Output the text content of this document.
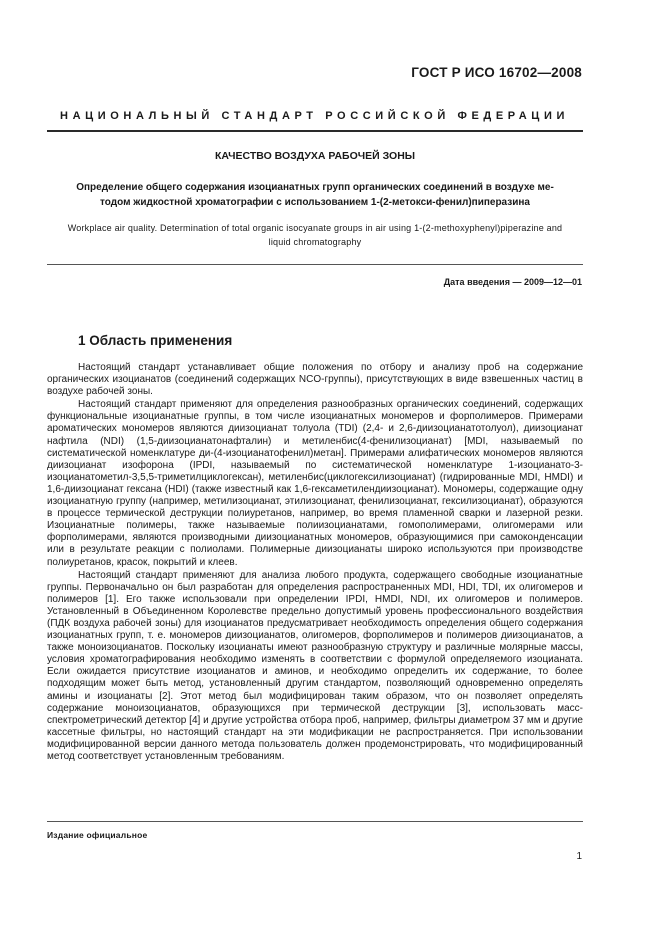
ГОСТ Р ИСО 16702—2008
НАЦИОНАЛЬНЫЙ СТАНДАРТ РОССИЙСКОЙ ФЕДЕРАЦИИ
КАЧЕСТВО ВОЗДУХА РАБОЧЕЙ ЗОНЫ
Определение общего содержания изоцианатных групп органических соединений в воздухе ме-
тодом жидкостной хроматографии с использованием 1-(2-метокси-фенил)пиперазина
Workplace air quality. Determination of total organic isocyanate groups in air using 1-(2-methoxyphenyl)piperazine and
liquid chromatography
Дата введения — 2009—12—01
1 Область применения

Настоящий стандарт устанавливает общие положения по отбору и анализу проб на содержание органических изоцианатов (соединений содержащих NCO-группы), присутствующих в виде взвешенных частиц в воздухе рабочей зоны.

Настоящий стандарт применяют для определения разнообразных органических соединений, содержащих функциональные изоцианатные группы, в том числе изоцианатных мономеров и форполимеров. Примерами ароматических мономеров являются диизоцианат толуола (TDI) (2,4- и 2,6-диизоцианатотолуол), диизоцианат нафтила (NDI) (1,5-диизоцианатонафталин) и метиленбис(4-фенилизоцианат) [MDI, называемый по систематической номенклатуре ди-(4-изоцианатофенил)метан]. Примерами алифатических мономеров являются диизоцианат изофорона (IPDI, называемый по систематической номенклатуре 1-изоцианато-3-изоцианатометил-3,5,5-триметилциклогексан), метиленбис(циклогексилизоцианат) (гидрированные MDI, HMDI) и 1,6-диизоцианат гексана (HDI) (также известный как 1,6-гексаметилендиизоцианат). Мономеры, содержащие одну изоцианатную группу (например, метилизоцианат, этилизоцианат, фенилизоцианат, гексилизоцианат), образуются в процессе термической деструкции полиуретанов, например, во время пламенной сварки и лазерной резки. Изоцианатные полимеры, также называемые полиизоцианатами, гомополимерами, олигомерами или форполимерами, являются производными диизоцианатных мономеров, образующимися при самоконденсации или в результате реакции с полиолами. Полимерные диизоцианаты широко используются при производстве полиуретанов, красок, покрытий и клеев.

Настоящий стандарт применяют для анализа любого продукта, содержащего свободные изоцианатные группы. Первоначально он был разработан для определения распространенных MDI, HDI, TDI, их олигомеров и полимеров [1]. Его также использовали при определении IPDI, HMDI, NDI, их олигомеров и полимеров. Установленный в Объединенном Королевстве предельно допустимый уровень профессионального воздействия (ПДК воздуха рабочей зоны) для изоцианатов предусматривает необходимость определения общего содержания изоцианатных групп, т. е. мономеров диизоцианатов, олигомеров, форполимеров и полимеров диизоцианатов, а также моноизоцианатов. Поскольку изоцианаты имеют разнообразную структуру и различные молярные массы, условия хроматографирования необходимо изменять в соответствии с формулой определяемого изоцианата. Если ожидается присутствие изоцианатов и аминов, и необходимо определить их содержание, то более подходящим может быть метод, установленный другим стандартом, позволяющий одновременно определять амины и изоцианаты [2]. Этот метод был модифицирован таким образом, что он позволяет определять содержание моноизоцианатов, образующихся при термической деструкции [3], использовать масс-спектрометрический детектор [4] и другие устройства отбора проб, например, фильтры диаметром 37 мм и другие кассетные фильтры, но настоящий стандарт на эти модификации не распространяется. При использовании модифицированной версии данного метода пользователь должен продемонстрировать, что модифицированный метод соответствует установленным требованиям.

Издание официальное
1
